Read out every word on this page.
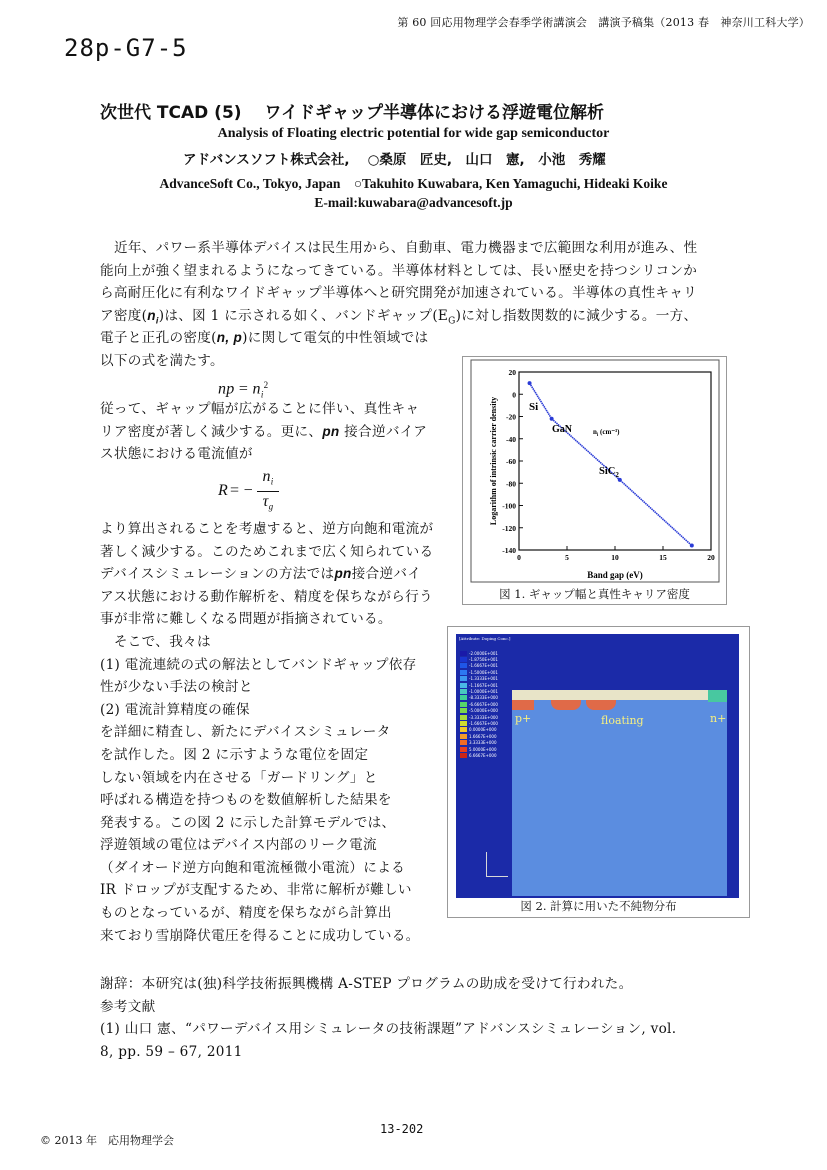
第 60 回応用物理学会春季学術講演会　講演予稿集（2013 春　神奈川工科大学）
28p-G7-5
次世代 TCAD (5)　 ワイドギャップ半導体における浮遊電位解析
Analysis of Floating electric potential for wide gap semiconductor
アドバンスソフト株式会社,　 ○桑原　匠史,　山口　憲,　小池　秀耀
AdvanceSoft Co., Tokyo, Japan　○Takuhito Kuwabara, Ken Yamaguchi, Hideaki Koike
E-mail:kuwabara@advancesoft.jp
近年、パワー系半導体デバイスは民生用から、自動車、電力機器まで広範囲な利用が進み、性
能向上が強く望まれるようになってきている。半導体材料としては、長い歴史を持つシリコンか
ら高耐圧化に有利なワイドギャップ半導体へと研究開発が加速されている。半導体の真性キャリ
ア密度$(n_i)$は、図 1 に示される如く、バンドギャップ$(E_G)$に対し指数関数的に減少する。一方、
電子と正孔の密度(n, p)に関して電気的中性領域では
以下の式を満たす。
np = $n_i^2$
従って、ギャップ幅が広がることに伴い、真性キャ
リア密度が著しく減少する。更に、pn 接合逆バイア
ス状態における電流値が
R = −
$n_i$
$\tau_g$
より算出されることを考慮すると、逆方向飽和電流が
著しく減少する。このためこれまで広く知られている
デバイスシミュレーションの方法ではpn接合逆バイ
アス状態における動作解析を、精度を保ちながら行う
事が非常に難しくなる問題が指摘されている。
　そこで、我々は
(1) 電流連続の式の解法としてバンドギャップ依存
性が少ない手法の検討と
(2) 電流計算精度の確保
を詳細に精査し、新たにデバイスシミュレータ
を試作した。図 2 に示すような電位を固定
しない領域を内在させる「ガードリング」と
呼ばれる構造を持つものを数値解析した結果を
発表する。この図 2 に示した計算モデルでは、
浮遊領域の電位はデバイス内部のリーク電流
（ダイオード逆方向飽和電流極微小電流）による
IR ドロップが支配するため、非常に解析が難しい
ものとなっているが、精度を保ちながら計算出
来ており雪崩降伏電圧を得ることに成功している。
0	5	10	15	20
20
0
-20
-40
-60
-80
-100
-120
-140
Band gap (eV)
Logarithm of intrinsic carrier density	Si
GaN
SiC$_2$
$n_i$ (cm⁻³)
図 1. ギャップ幅と真性キャリア密度
p+	floating	n+
[Attribute: Doping Conc.]
-2.0000E+001
-1.8750E+001
-1.6667E+001
-1.5000E+001
-1.3333E+001
-1.1667E+001
-1.0000E+001
-8.3333E+000
-6.6667E+000
-5.0000E+000
-3.3333E+000
-1.6667E+000
0.0000E+000
1.6667E+000
3.3333E+000
5.0000E+000
6.6667E+000
図 2. 計算に用いた不純物分布
謝辞：本研究は(独)科学技術振興機構 A-STEP プログラムの助成を受けて行われた。
参考文献
(1) 山口 憲、“パワーデバイス用シミュレータの技術課題”アドバンスシミュレーション, vol.
8, pp. 59 – 67, 2011
13-202
© 2013 年　応用物理学会
